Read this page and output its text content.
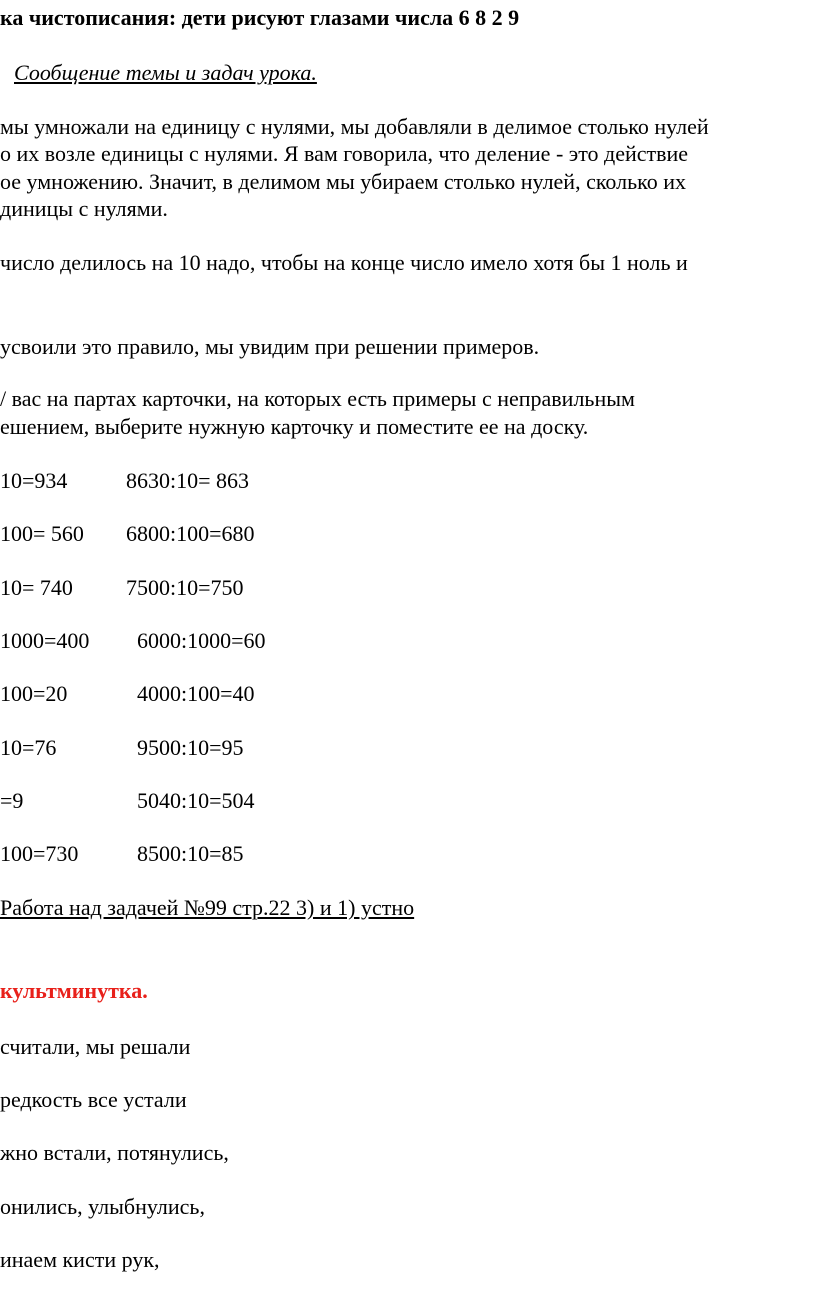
ка чистописания: дети рисуют глазами числа 6 8 2 9
Сообщение темы и задач урока.
мы умножали на единицу с нулями, мы добавляли в делимое столько нулей
о их возле единицы с нулями. Я вам говорила, что деление - это действие
ое умножению. Значит, в делимом мы убираем столько нулей, сколько их
диницы с нулями.
число делилось на 10 надо, чтобы на конце число имело хотя бы 1 ноль и
усвоили это правило, мы увидим при решении примеров.
/ вас на партах карточки, на которых есть примеры с неправильным
ешением, выберите нужную карточку и поместите ее на доску.
10=934	8630:10= 863
100= 560 6800:100=680
10= 740 7500:10=750
1000=400 6000:1000=60
100=20	4000:100=40
10=76	9500:10=95
=9	5040:10=504
100=730	8500:10=85
Работа над задачей №99 стр.22 3) и 1) устно
культминутка.
считали, мы решали
редкость все устали
жно встали, потянулись,
онились, улыбнулись,
инаем кисти рук,
